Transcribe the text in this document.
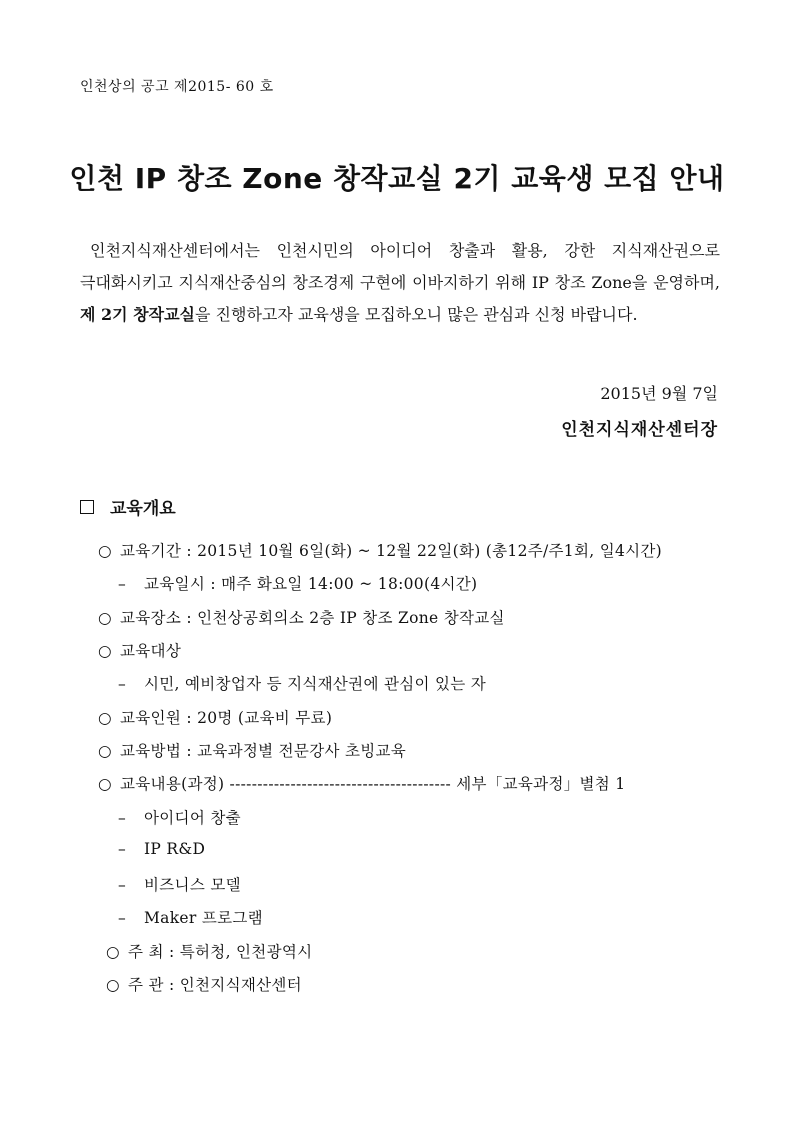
인천상의 공고 제2015- 60 호
인천 IP 창조 Zone 창작교실 2기 교육생 모집 안내

인천지식재산센터에서는 인천시민의 아이디어 창출과 활용, 강한 지식재산권으로 극대화시키고 지식재산중심의 창조경제 구현에 이바지하기 위해 IP 창조 Zone을 운영하며, 제 2기 창작교실을 진행하고자 교육생을 모집하오니 많은 관심과 신청 바랍니다.

2015년 9월 7일
인천지식재산센터장
교육개요
○ 교육기간 : 2015년 10월 6일(화) ~ 12월 22일(화) (총12주/주1회, 일4시간)
– 교육일시 : 매주 화요일 14:00 ~ 18:00(4시간)
○ 교육장소 : 인천상공회의소 2층 IP 창조 Zone 창작교실
○ 교육대상
– 시민, 예비창업자 등 지식재산권에 관심이 있는 자
○ 교육인원 : 20명 (교육비 무료)
○ 교육방법 : 교육과정별 전문강사 초빙교육
○ 교육내용(과정) ---------------------------------------- 세부「교육과정」별첨 1
– 아이디어 창출
– IP R&D
– 비즈니스 모델
– Maker 프로그램
○ 주 최 : 특허청, 인천광역시
○ 주 관 : 인천지식재산센터
